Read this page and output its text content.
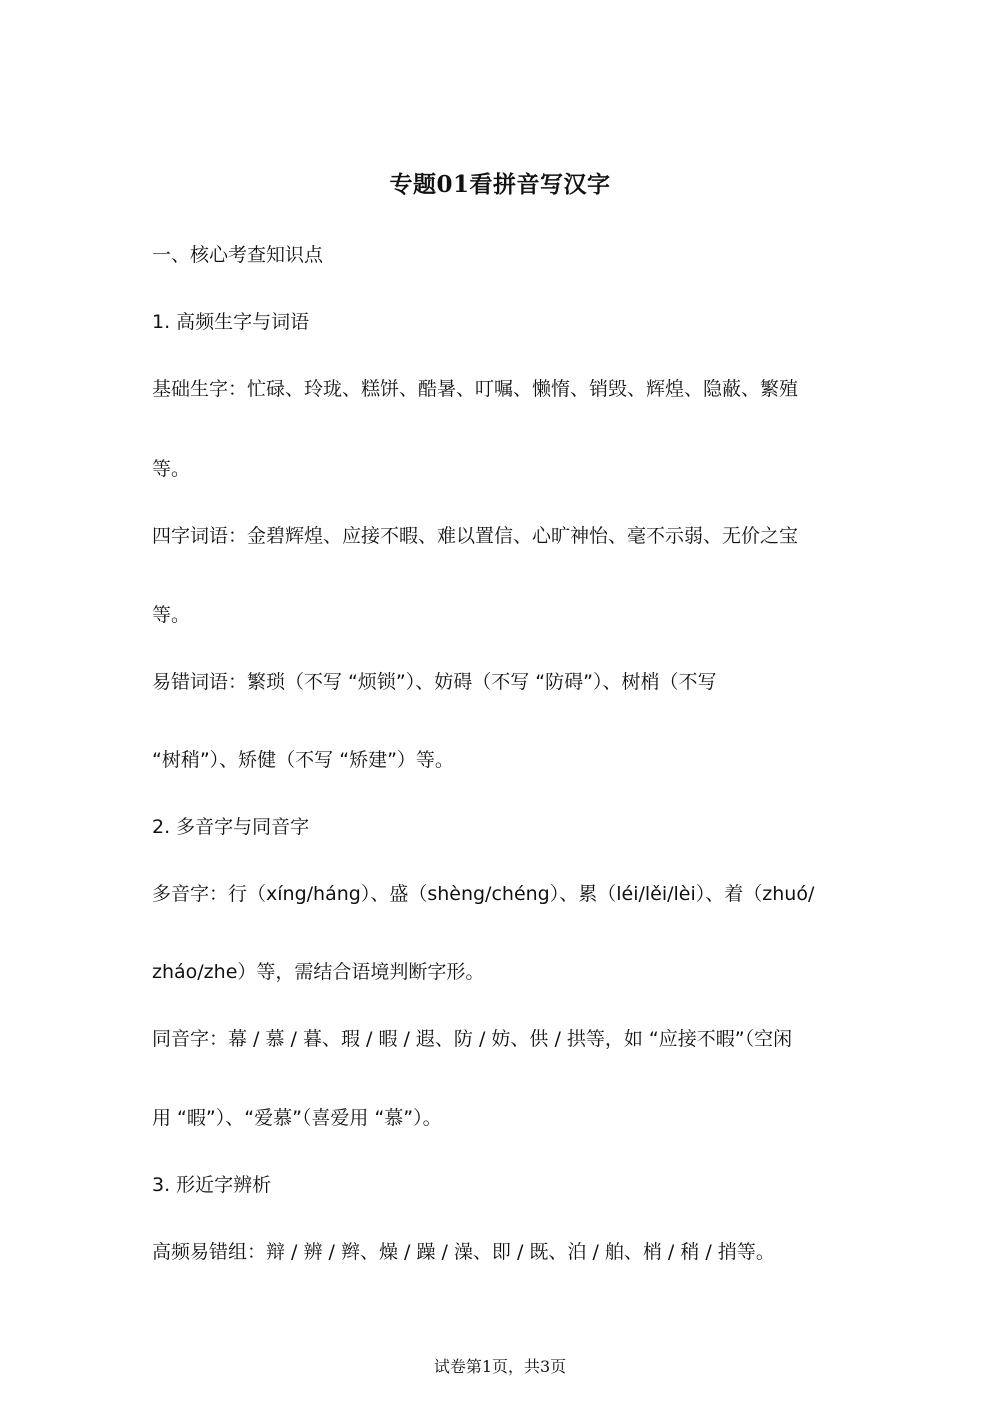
专题01看拼音写汉字
一、核心考查知识点
1. 高频生字与词语
基础生字：忙碌、玲珑、糕饼、酷暑、叮嘱、懒惰、销毁、辉煌、隐蔽、繁殖
等。
四字词语：金碧辉煌、应接不暇、难以置信、心旷神怡、毫不示弱、无价之宝
等。
易错词语：繁琐（不写 “烦锁”）、妨碍（不写 “防碍”）、树梢（不写
“树稍”）、矫健（不写 “矫建”）等。
2. 多音字与同音字
多音字：行（xíng/háng）、盛（shèng/chéng）、累（léi/lěi/lèi）、着（zhuó/
zháo/zhe）等，需结合语境判断字形。
同音字：幕 / 慕 / 暮、瑕 / 暇 / 遐、防 / 妨、供 / 拱等，如 “应接不暇”（空闲
用 “暇”）、“爱慕”（喜爱用 “慕”）。
3. 形近字辨析
高频易错组：辩 / 辨 / 辫、燥 / 躁 / 澡、即 / 既、泊 / 舶、梢 / 稍 / 捎等。
试卷第1页，共3页
